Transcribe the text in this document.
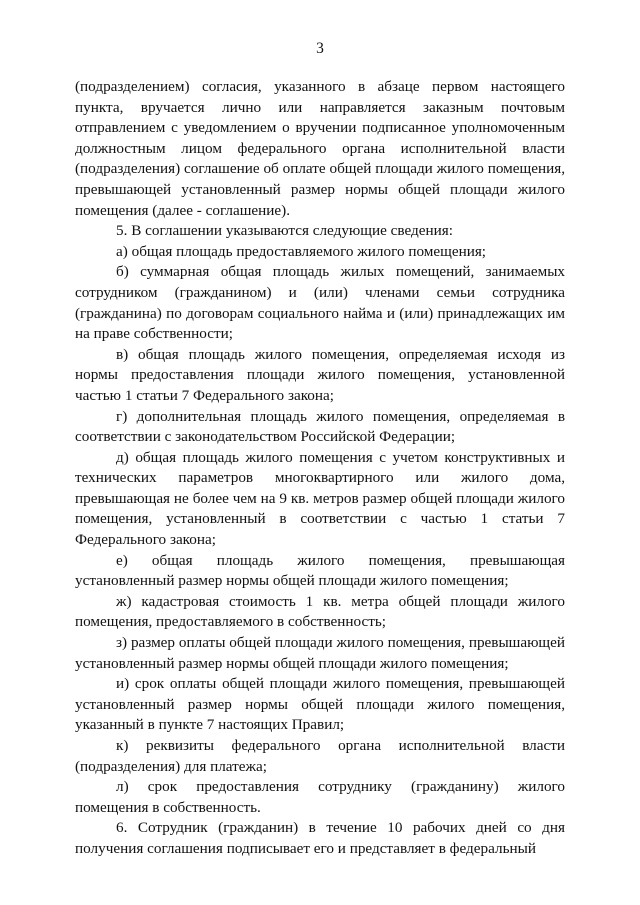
3

(подразделением) согласия, указанного в абзаце первом настоящего пункта, вручается лично или направляется заказным почтовым отправлением с уведомлением о вручении подписанное уполномоченным должностным лицом федерального органа исполнительной власти (подразделения) соглашение об оплате общей площади жилого помещения, превышающей установленный размер нормы общей площади жилого помещения (далее - соглашение).

5. В соглашении указываются следующие сведения:

а) общая площадь предоставляемого жилого помещения;

б) суммарная общая площадь жилых помещений, занимаемых сотрудником (гражданином) и (или) членами семьи сотрудника (гражданина) по договорам социального найма и (или) принадлежащих им на праве собственности;

в) общая площадь жилого помещения, определяемая исходя из нормы предоставления площади жилого помещения, установленной частью 1 статьи 7 Федерального закона;

г) дополнительная площадь жилого помещения, определяемая в соответствии с законодательством Российской Федерации;

д) общая площадь жилого помещения с учетом конструктивных и технических параметров многоквартирного или жилого дома, превышающая не более чем на 9 кв. метров размер общей площади жилого помещения, установленный в соответствии с частью 1 статьи 7 Федерального закона;

е) общая площадь жилого помещения, превышающая установленный размер нормы общей площади жилого помещения;

ж) кадастровая стоимость 1 кв. метра общей площади жилого помещения, предоставляемого в собственность;

з) размер оплаты общей площади жилого помещения, превышающей установленный размер нормы общей площади жилого помещения;

и) срок оплаты общей площади жилого помещения, превышающей установленный размер нормы общей площади жилого помещения, указанный в пункте 7 настоящих Правил;

к) реквизиты федерального органа исполнительной власти (подразделения) для платежа;

л) срок предоставления сотруднику (гражданину) жилого помещения в собственность.

6. Сотрудник (гражданин) в течение 10 рабочих дней со дня получения соглашения подписывает его и представляет в федеральный
